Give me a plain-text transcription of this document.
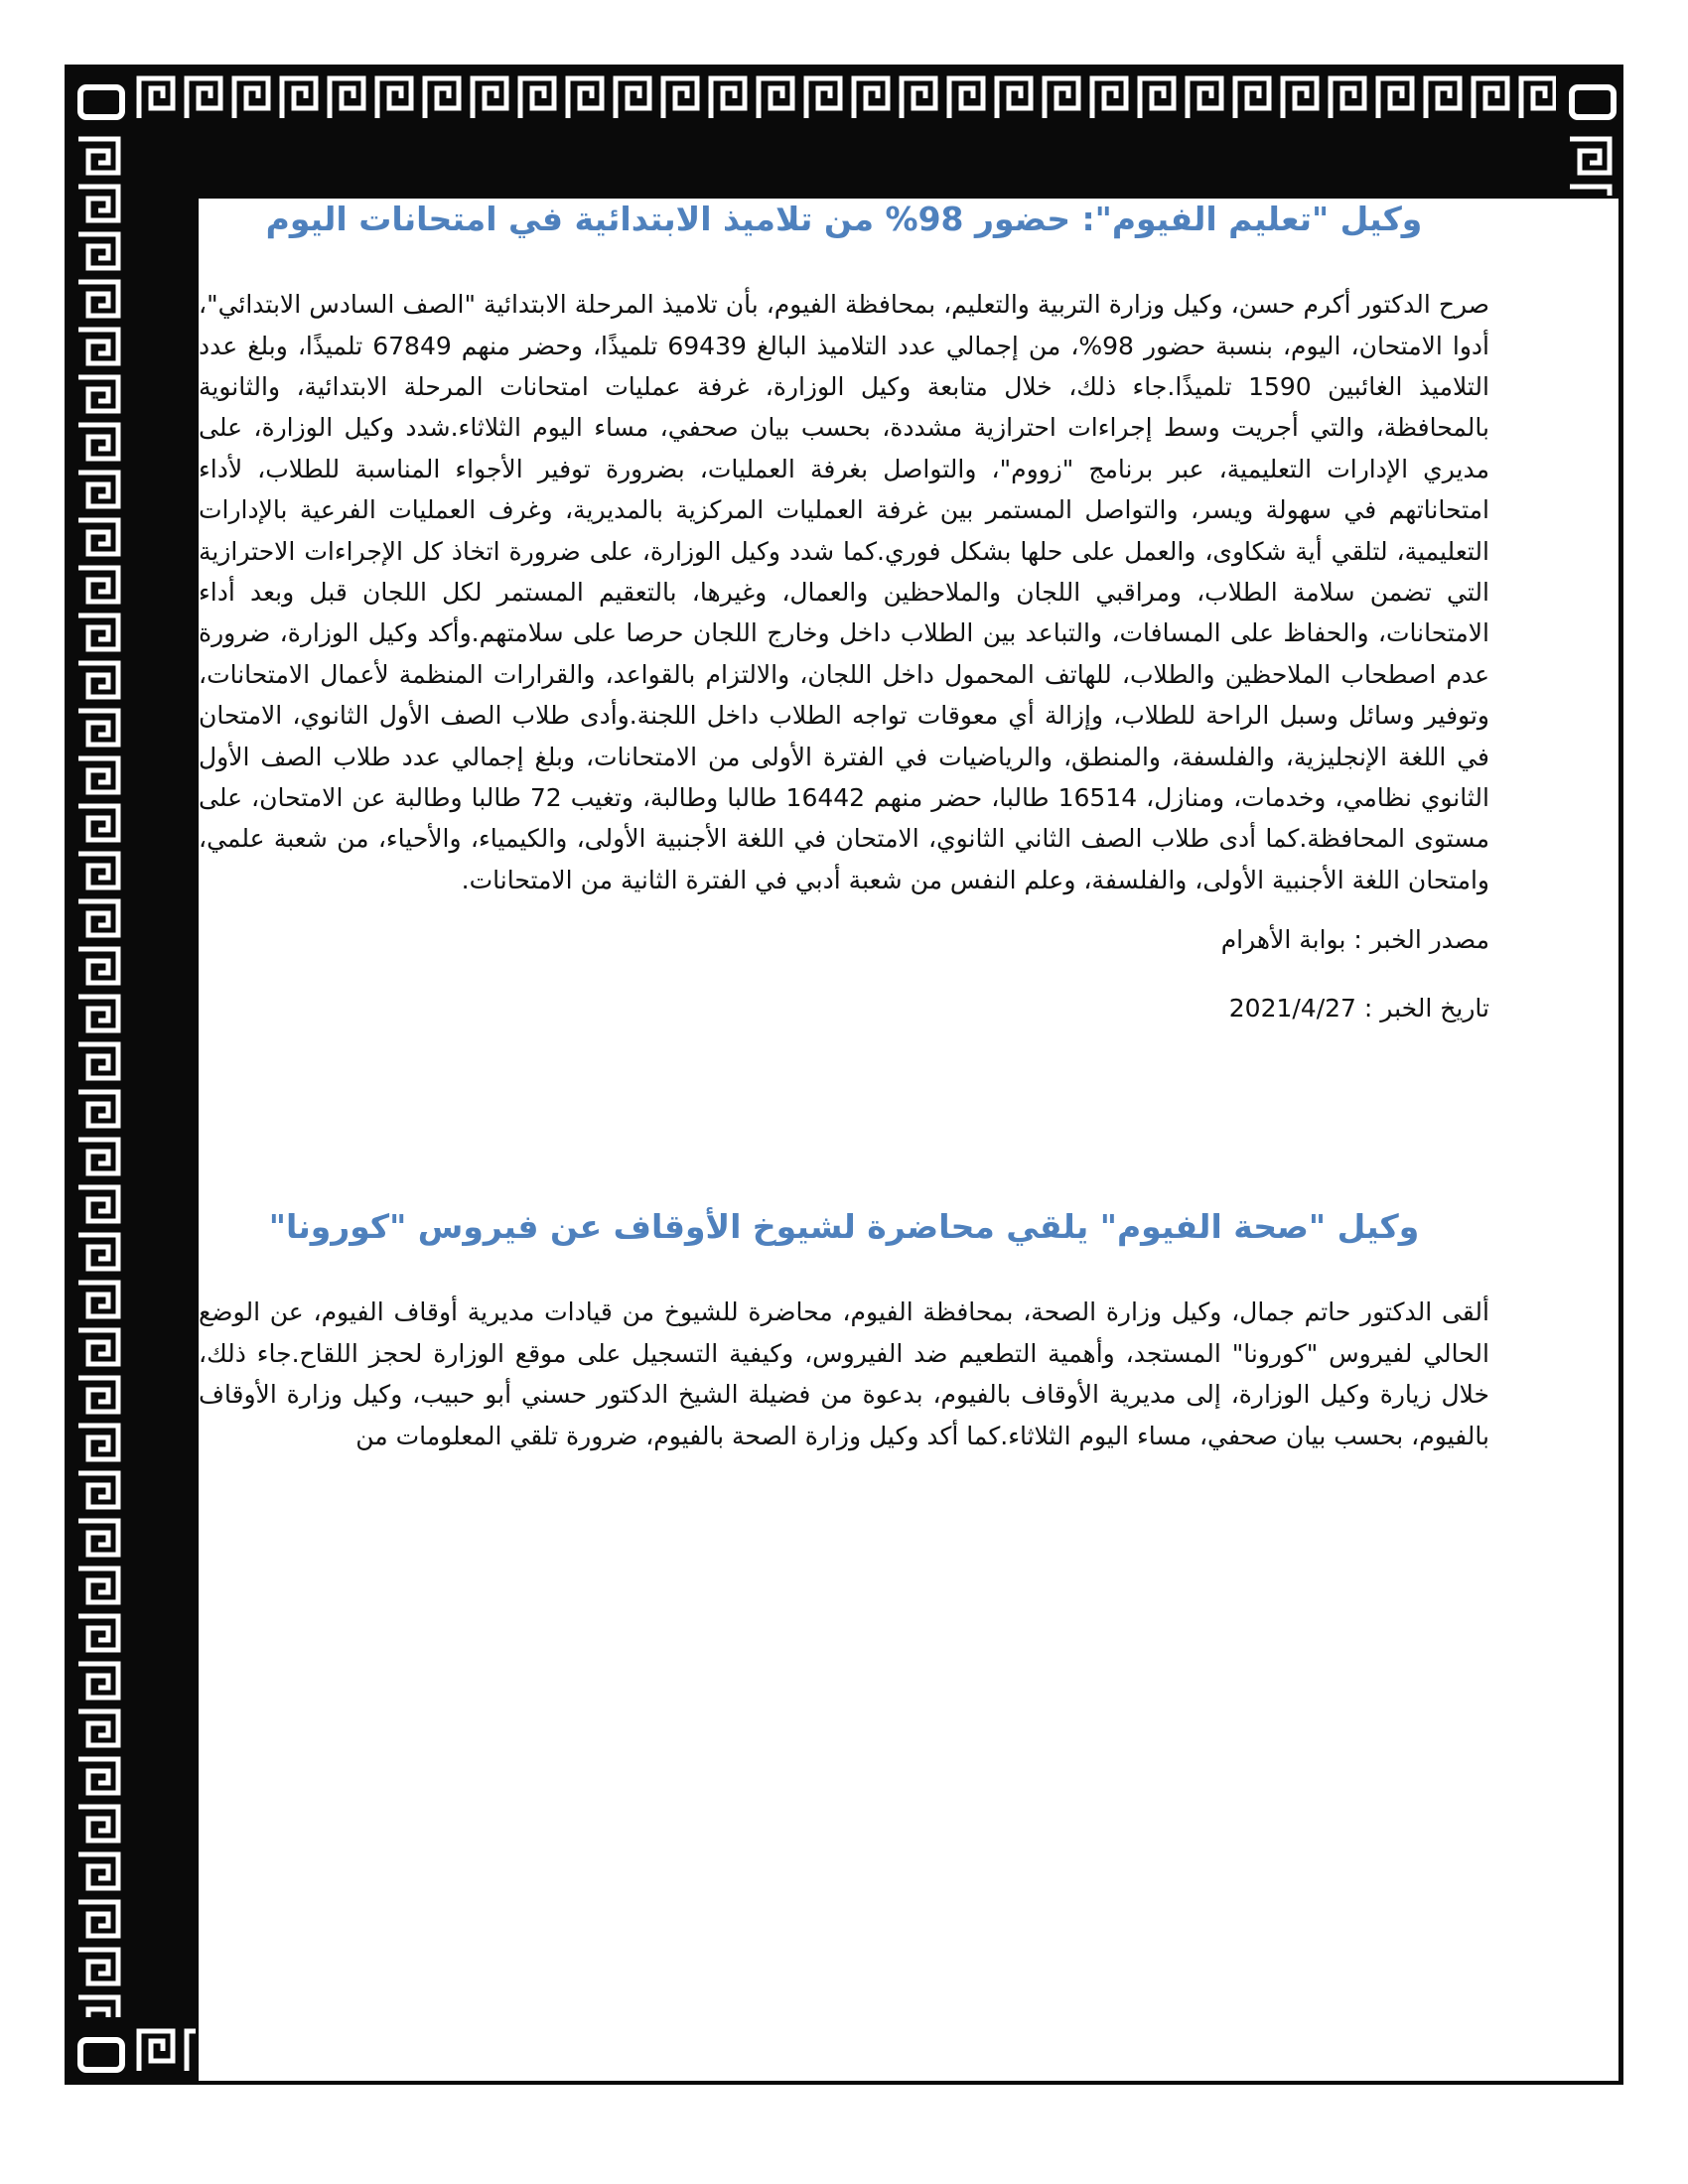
وكيل "تعليم الفيوم": حضور 98% من تلاميذ الابتدائية في امتحانات اليوم

صرح الدكتور أكرم حسن، وكيل وزارة التربية والتعليم، بمحافظة الفيوم، بأن تلاميذ المرحلة الابتدائية "الصف السادس الابتدائي"، أدوا الامتحان، اليوم، بنسبة حضور 98%، من إجمالي عدد التلاميذ البالغ 69439 تلميذًا، وحضر منهم 67849 تلميذًا، وبلغ عدد التلاميذ الغائبين 1590 تلميذًا.جاء ذلك، خلال متابعة وكيل الوزارة، غرفة عمليات امتحانات المرحلة الابتدائية، والثانوية بالمحافظة، والتي أجريت وسط إجراءات احترازية مشددة، بحسب بيان صحفي، مساء اليوم الثلاثاء.شدد وكيل الوزارة، على مديري الإدارات التعليمية، عبر برنامج "زووم"، والتواصل بغرفة العمليات، بضرورة توفير الأجواء المناسبة للطلاب، لأداء امتحاناتهم في سهولة ويسر، والتواصل المستمر بين غرفة العمليات المركزية بالمديرية، وغرف العمليات الفرعية بالإدارات التعليمية، لتلقي أية شكاوى، والعمل على حلها بشكل فوري.كما شدد وكيل الوزارة، على ضرورة اتخاذ كل الإجراءات الاحترازية التي تضمن سلامة الطلاب، ومراقبي اللجان والملاحظين والعمال، وغيرها، بالتعقيم المستمر لكل اللجان قبل وبعد أداء الامتحانات، والحفاظ على المسافات، والتباعد بين الطلاب داخل وخارج اللجان حرصا على سلامتهم.وأكد وكيل الوزارة، ضرورة عدم اصطحاب الملاحظين والطلاب، للهاتف المحمول داخل اللجان، والالتزام بالقواعد، والقرارات المنظمة لأعمال الامتحانات، وتوفير وسائل وسبل الراحة للطلاب، وإزالة أي معوقات تواجه الطلاب داخل اللجنة.وأدى طلاب الصف الأول الثانوي، الامتحان في اللغة الإنجليزية، والفلسفة، والمنطق، والرياضيات في الفترة الأولى من الامتحانات، وبلغ إجمالي عدد طلاب الصف الأول الثانوي نظامي، وخدمات، ومنازل، 16514 طالبا، حضر منهم 16442 طالبا وطالبة، وتغيب 72 طالبا وطالبة عن الامتحان، على مستوى المحافظة.كما أدى طلاب الصف الثاني الثانوي، الامتحان في اللغة الأجنبية الأولى، والكيمياء، والأحياء، من شعبة علمي، وامتحان اللغة الأجنبية الأولى، والفلسفة، وعلم النفس من شعبة أدبي في الفترة الثانية من الامتحانات.

مصدر الخبر : بوابة الأهرام

تاريخ الخبر : 2021/4/27

وكيل "صحة الفيوم" يلقي محاضرة لشيوخ الأوقاف عن فيروس "كورونا"

ألقى الدكتور حاتم جمال، وكيل وزارة الصحة، بمحافظة الفيوم، محاضرة للشيوخ من قيادات مديرية أوقاف الفيوم، عن الوضع الحالي لفيروس "كورونا" المستجد، وأهمية التطعيم ضد الفيروس، وكيفية التسجيل على موقع الوزارة لحجز اللقاح.جاء ذلك، خلال زيارة وكيل الوزارة، إلى مديرية الأوقاف بالفيوم، بدعوة من فضيلة الشيخ الدكتور حسني أبو حبيب، وكيل وزارة الأوقاف بالفيوم، بحسب بيان صحفي، مساء اليوم الثلاثاء.كما أكد وكيل وزارة الصحة بالفيوم، ضرورة تلقي المعلومات من
